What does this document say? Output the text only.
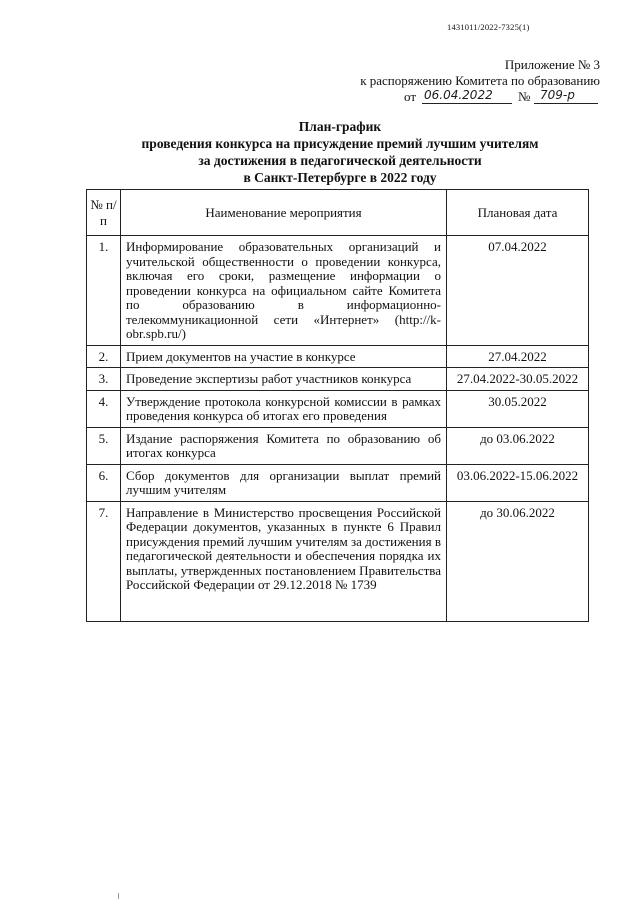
1431011/2022-7325(1)
Приложение № 3
к распоряжению Комитета по образованию
от 06.04.2022 № 709-р
План-график
проведения конкурса на присуждение премий лучшим учителям
за достижения в педагогической деятельности
в Санкт-Петербурге в 2022 году
№ п/п	Наименование мероприятия	Плановая дата
1.	Информирование образовательных организаций и учительской общественности о проведении конкурса, включая его сроки, размещение информации о проведении конкурса на официальном сайте Комитета по образованию в информационно-телекоммуникационной сети «Интернет» (http://k-obr.spb.ru/)	07.04.2022
2.	Прием документов на участие в конкурсе	27.04.2022
3.	Проведение экспертизы работ участников конкурса	27.04.2022-30.05.2022
4.	Утверждение протокола конкурсной комиссии в рамках проведения конкурса об итогах его проведения	30.05.2022
5.	Издание распоряжения Комитета по образованию об итогах конкурса	до 03.06.2022
6.	Сбор документов для организации выплат премий лучшим учителям	03.06.2022-15.06.2022
7.	Направление в Министерство просвещения Российской Федерации документов, указанных в пункте 6 Правил присуждения премий лучшим учителям за достижения в педагогической деятельности и обеспечения порядка их выплаты, утвержденных постановлением Правительства Российской Федерации от 29.12.2018 № 1739	до 30.06.2022
